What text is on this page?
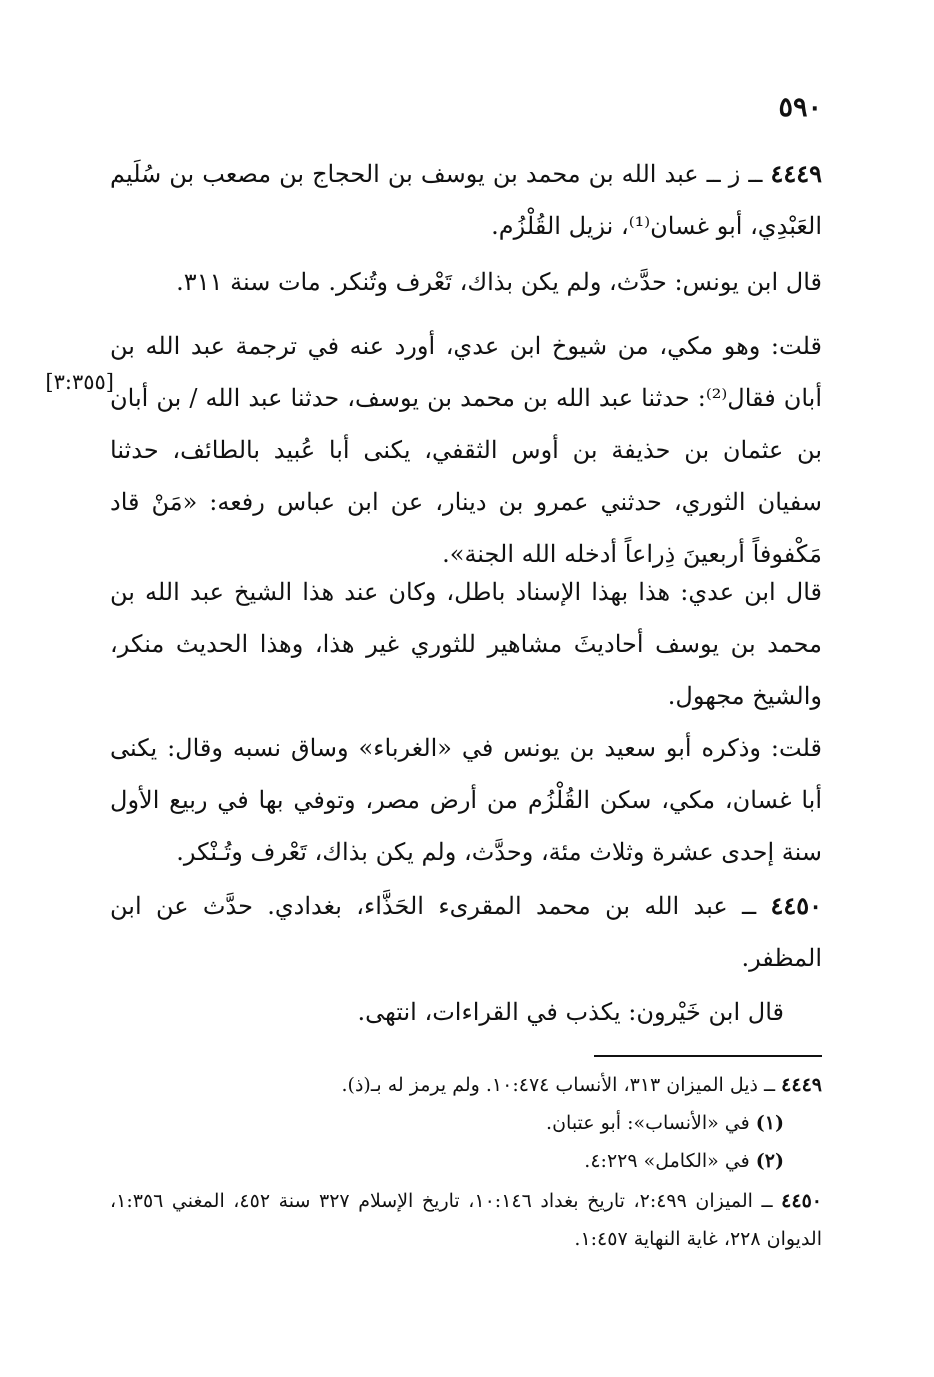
٥٩٠
[٣:٣٥٥]

٤٤٤٩ ــ ز ــ عبد الله بن محمد بن يوسف بن الحجاج بن مصعب بن سُلَيم العَبْدِي، أبو غسان⁽¹⁾، نزيل القُلْزُم.

قال ابن يونس: حدَّث، ولم يكن بذاك، تَعْرف وتُنكر. مات سنة ٣١١.

قلت: وهو مكي، من شيوخ ابن عدي، أورد عنه في ترجمة عبد الله بن أبان فقال⁽²⁾: حدثنا عبد الله بن محمد بن يوسف، حدثنا عبد الله / بن أبان بن عثمان بن حذيفة بن أوس الثقفي، يكنى أبا عُبيد بالطائف، حدثنا سفيان الثوري، حدثني عمرو بن دينار، عن ابن عباس رفعه: «مَنْ قاد مَكْفوفاً أربعينَ ذِراعاً أدخله الله الجنة».

قال ابن عدي: هذا بهذا الإسناد باطل، وكان عند هذا الشيخ عبد الله بن محمد بن يوسف أحاديثَ مشاهير للثوري غير هذا، وهذا الحديث منكر، والشيخ مجهول.

قلت: وذكره أبو سعيد بن يونس في «الغرباء» وساق نسبه وقال: يكنى أبا غسان، مكي، سكن القُلْزُم من أرض مصر، وتوفي بها في ربيع الأول سنة إحدى عشرة وثلاث مئة، وحدَّث، ولم يكن بذاك، تَعْرف وتُـنْكر.

٤٤٥٠ ــ عبد الله بن محمد المقرىء الحَذَّاء، بغدادي. حدَّث عن ابن المظفر.

قال ابن خَيْرون: يكذب في القراءات، انتهى.

٤٤٤٩ ــ ذيل الميزان ٣١٣، الأنساب ١٠:٤٧٤. ولم يرمز له بـ(ذ).

(١) في «الأنساب»: أبو عتبان.

(٢) في «الكامل» ٤:٢٢٩.

٤٤٥٠ ــ الميزان ٢:٤٩٩، تاريخ بغداد ١٠:١٤٦، تاريخ الإسلام ٣٢٧ سنة ٤٥٢، المغني ١:٣٥٦، الديوان ٢٢٨، غاية النهاية ١:٤٥٧.
